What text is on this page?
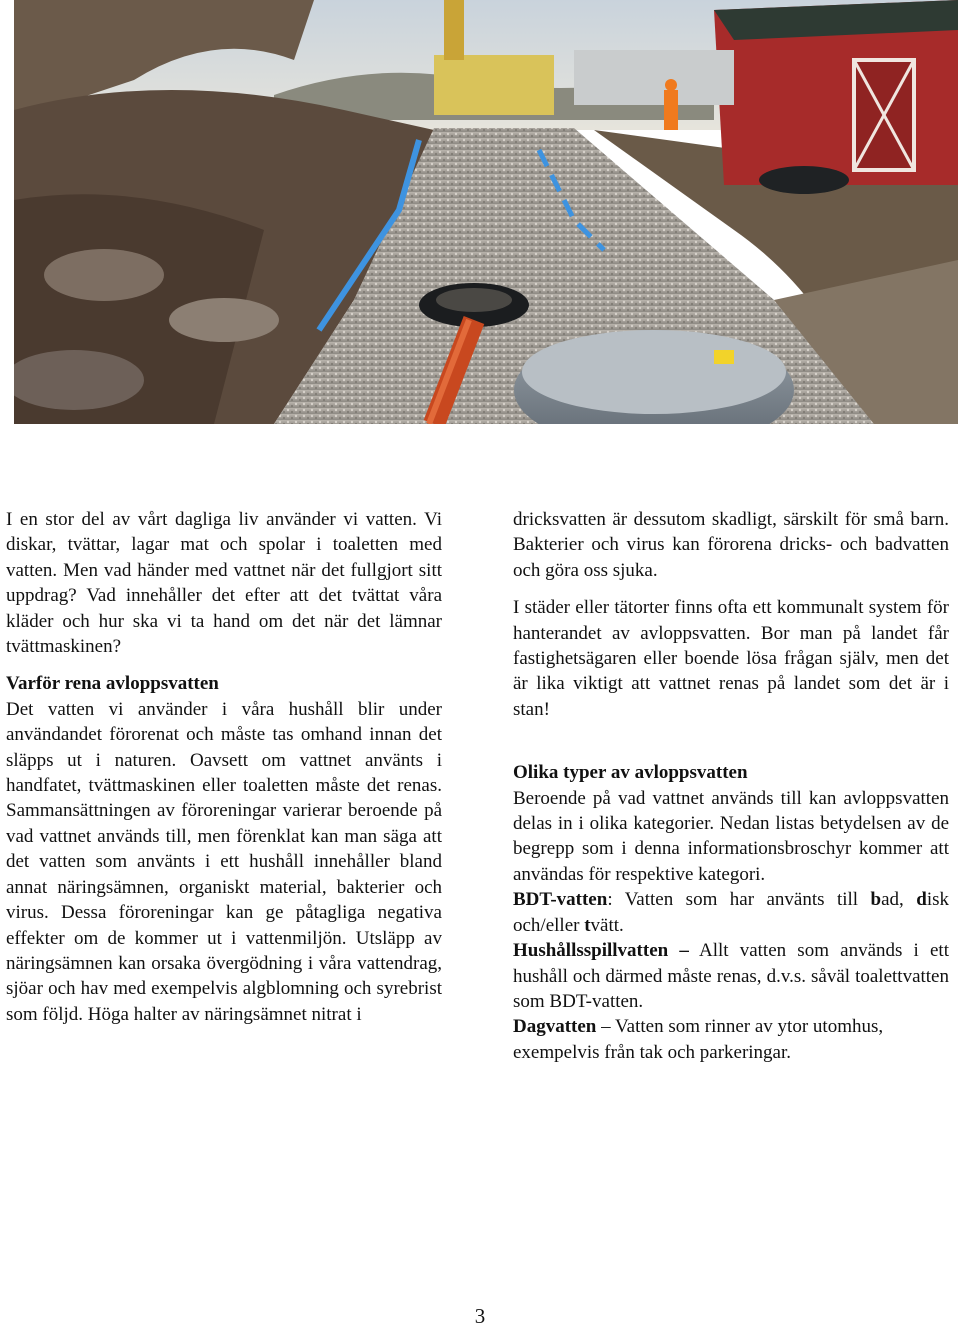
I en stor del av vårt dagliga liv använder vi vatten. Vi diskar, tvättar, lagar mat och spolar i toaletten med vatten. Men vad händer med vattnet när det fullgjort sitt uppdrag? Vad innehåller det efter att det tvättat våra kläder och hur ska vi ta hand om det när det lämnar tvättmaskinen?

Varför rena avloppsvatten

Det vatten vi använder i våra hushåll blir under användandet förorenat och måste tas omhand innan det släpps ut i naturen. Oavsett om vattnet använts i handfatet, tvättmaskinen eller toaletten måste det renas. Sammansättningen av föroreningar varierar beroende på vad vattnet används till, men förenklat kan man säga att det vatten som använts i ett hushåll innehåller bland annat näringsämnen, organiskt material, bakterier och virus. Dessa föroreningar kan ge påtagliga negativa effekter om de kommer ut i vattenmiljön. Utsläpp av näringsämnen kan orsaka övergödning i våra vattendrag, sjöar och hav med exempelvis algblomning och syrebrist som följd. Höga halter av näringsämnet nitrat i

dricksvatten är dessutom skadligt, särskilt för små barn. Bakterier och virus kan förorena dricks- och badvatten och göra oss sjuka.

I städer eller tätorter finns ofta ett kommunalt system för hanterandet av avloppsvatten. Bor man på landet får fastighetsägaren eller boende lösa frågan själv, men det är lika viktigt att vattnet renas på landet som det är i stan!

Olika typer av avloppsvatten

Beroende på vad vattnet används till kan avloppsvatten delas in i olika kategorier. Nedan listas betydelsen av de begrepp som i denna informationsbroschyr kommer att användas för respektive kategori.

BDT-vatten: Vatten som har använts till bad, disk och/eller tvätt.

Hushållsspillvatten – Allt vatten som används i ett hushåll och därmed måste renas, d.v.s. såväl toalettvatten som BDT-vatten.

Dagvatten – Vatten som rinner av ytor utomhus, exempelvis från tak och parkeringar.

3
